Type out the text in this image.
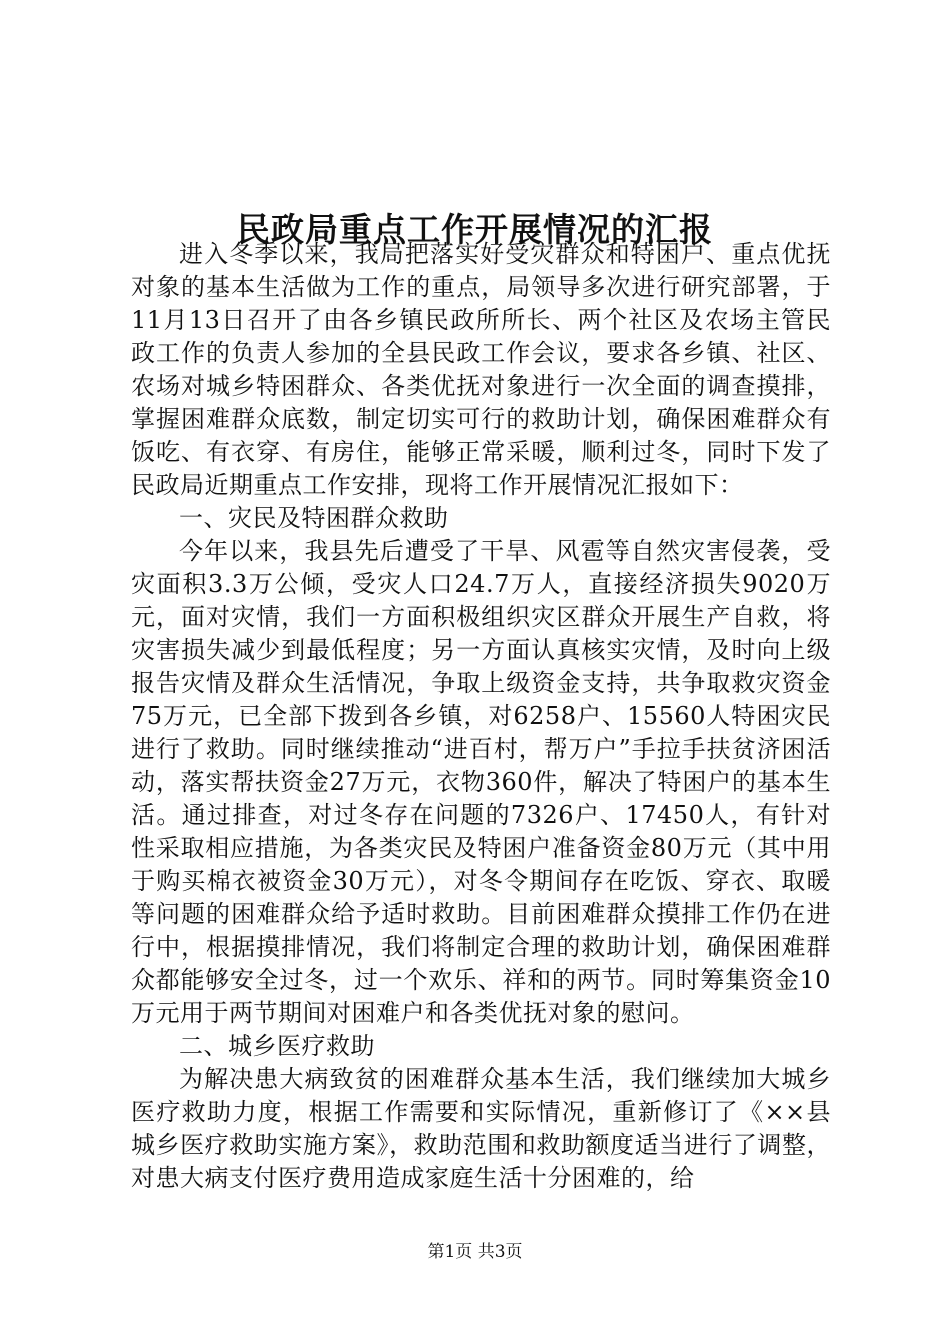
民政局重点工作开展情况的汇报

进入冬季以来，我局把落实好受灾群众和特困户、重点优抚对象的基本生活做为工作的重点，局领导多次进行研究部署，于11月13日召开了由各乡镇民政所所长、两个社区及农场主管民政工作的负责人参加的全县民政工作会议，要求各乡镇、社区、农场对城乡特困群众、各类优抚对象进行一次全面的调查摸排，掌握困难群众底数，制定切实可行的救助计划，确保困难群众有饭吃、有衣穿、有房住，能够正常采暖，顺利过冬，同时下发了民政局近期重点工作安排，现将工作开展情况汇报如下：

一、灾民及特困群众救助

今年以来，我县先后遭受了干旱、风雹等自然灾害侵袭，受灾面积3.3万公倾，受灾人口24.7万人，直接经济损失9020万元，面对灾情，我们一方面积极组织灾区群众开展生产自救，将灾害损失减少到最低程度；另一方面认真核实灾情，及时向上级报告灾情及群众生活情况，争取上级资金支持，共争取救灾资金75万元，已全部下拨到各乡镇，对6258户、15560人特困灾民进行了救助。同时继续推动“进百村，帮万户”手拉手扶贫济困活动，落实帮扶资金27万元，衣物360件，解决了特困户的基本生活。通过排查，对过冬存在问题的7326户、17450人，有针对性采取相应措施，为各类灾民及特困户准备资金80万元（其中用于购买棉衣被资金30万元），对冬令期间存在吃饭、穿衣、取暖等问题的困难群众给予适时救助。目前困难群众摸排工作仍在进行中，根据摸排情况，我们将制定合理的救助计划，确保困难群众都能够安全过冬，过一个欢乐、祥和的两节。同时筹集资金10万元用于两节期间对困难户和各类优抚对象的慰问。

二、城乡医疗救助

为解决患大病致贫的困难群众基本生活，我们继续加大城乡医疗救助力度，根据工作需要和实际情况，重新修订了《××县城乡医疗救助实施方案》，救助范围和救助额度适当进行了调整，对患大病支付医疗费用造成家庭生活十分困难的，给

第1页 共3页
